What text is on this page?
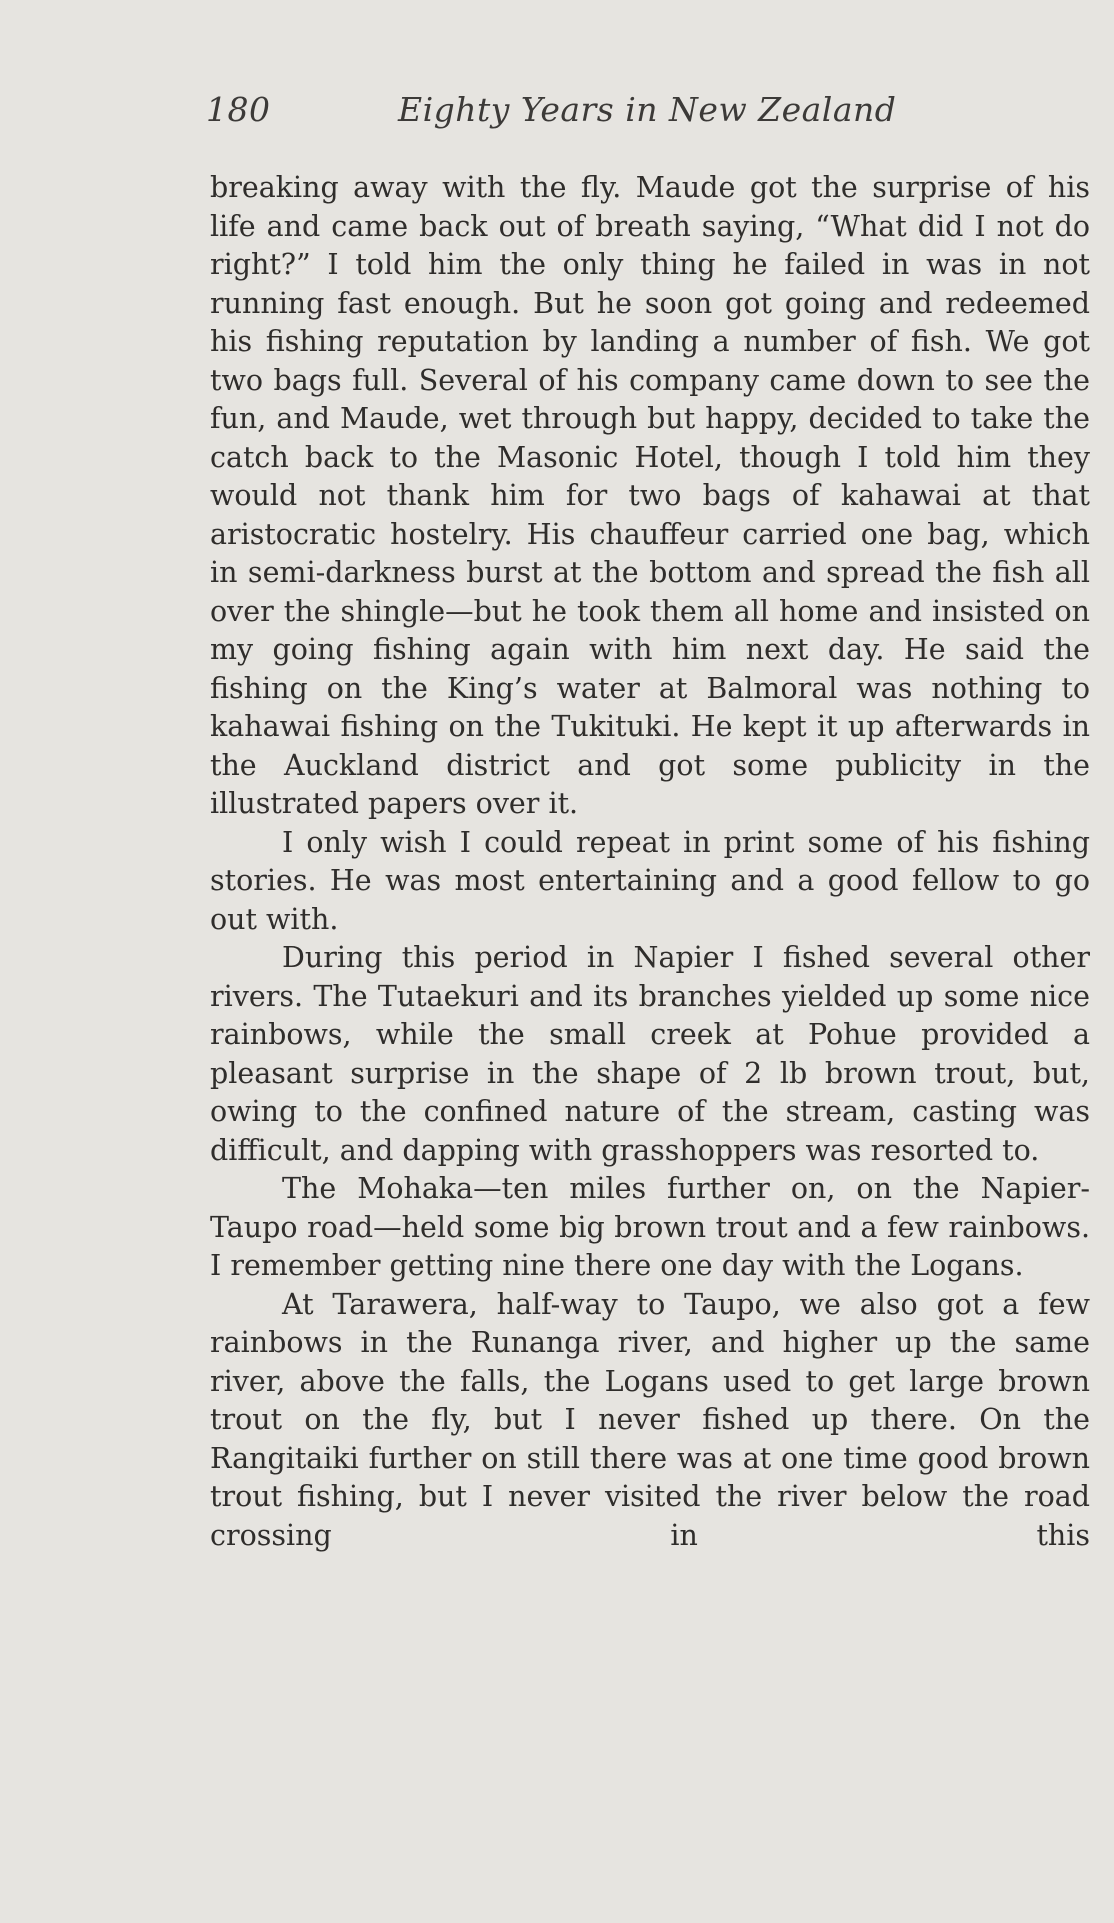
180	Eighty Years in New Zealand

breaking away with the fly. Maude got the surprise of his life and came back out of breath saying, “What did I not do right?” I told him the only thing he failed in was in not running fast enough. But he soon got going and redeemed his fishing reputation by landing a number of fish. We got two bags full. Several of his company came down to see the fun, and Maude, wet through but happy, decided to take the catch back to the Masonic Hotel, though I told him they would not thank him for two bags of kahawai at that aristocratic hostelry. His chauffeur carried one bag, which in semi-darkness burst at the bottom and spread the fish all over the shingle—but he took them all home and insisted on my going fishing again with him next day. He said the fishing on the King’s water at Balmoral was nothing to kahawai fishing on the Tukituki. He kept it up afterwards in the Auckland district and got some publicity in the illustrated papers over it.

I only wish I could repeat in print some of his fishing stories. He was most entertaining and a good fellow to go out with.

During this period in Napier I fished several other rivers. The Tutaekuri and its branches yielded up some nice rainbows, while the small creek at Pohue provided a pleasant surprise in the shape of 2 lb brown trout, but, owing to the confined nature of the stream, casting was difficult, and dapping with grasshoppers was resorted to.

The Mohaka—ten miles further on, on the Napier-Taupo road—held some big brown trout and a few rainbows. I remember getting nine there one day with the Logans.

At Tarawera, half-way to Taupo, we also got a few rainbows in the Runanga river, and higher up the same river, above the falls, the Logans used to get large brown trout on the fly, but I never fished up there. On the Rangitaiki further on still there was at one time good brown trout fishing, but I never visited the river below the road crossing in this
